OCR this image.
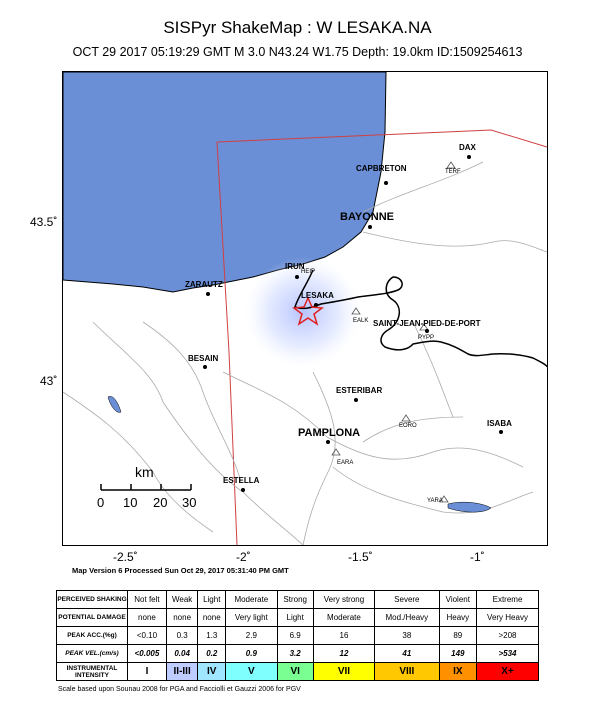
SISPyr ShakeMap : W LESAKA.NA
OCT 29 2017 05:19:29 GMT M 3.0 N43.24 W1.75 Depth: 19.0km ID:1509254613
43.5˚
43˚
DAX
TERF
CAPBRETON
BAYONNE
IRUN
HEIP
ZARAUTZ
LESAKA
EALK SAINT-JEAN-PIED-DE-PORT
PYPP
BESAIN
ESTERIBAR
EORO	ISABA
PAMPLONA
EARA
ESTELLA
YARA
km
0 10 20 30
-2.5˚	-2˚	-1.5˚	-1˚
Map Version 6 Processed Sun Oct 29, 2017 05:31:40 PM GMT
PERCEIVED SHAKING	Not felt	Weak	Light	Moderate	Strong	Very strong	Severe	Violent	Extreme
POTENTIAL DAMAGE	none	none	none	Very light	Light	Moderate	Mod./Heavy	Heavy	Very Heavy
PEAK ACC.(%g)	<0.10	0.3	1.3	2.9	6.9	16	38	89	>208
PEAK VEL.(cm/s)	<0.005	0.04	0.2	0.9	3.2	12	41	149	>534
INSTRUMENTAL INTENSITY	I	II-III	IV	V	VI	VII	VIII	IX	X+
Scale based upon Sounau 2008 for PGA and Facciolli et Gauzzi 2006 for PGV
